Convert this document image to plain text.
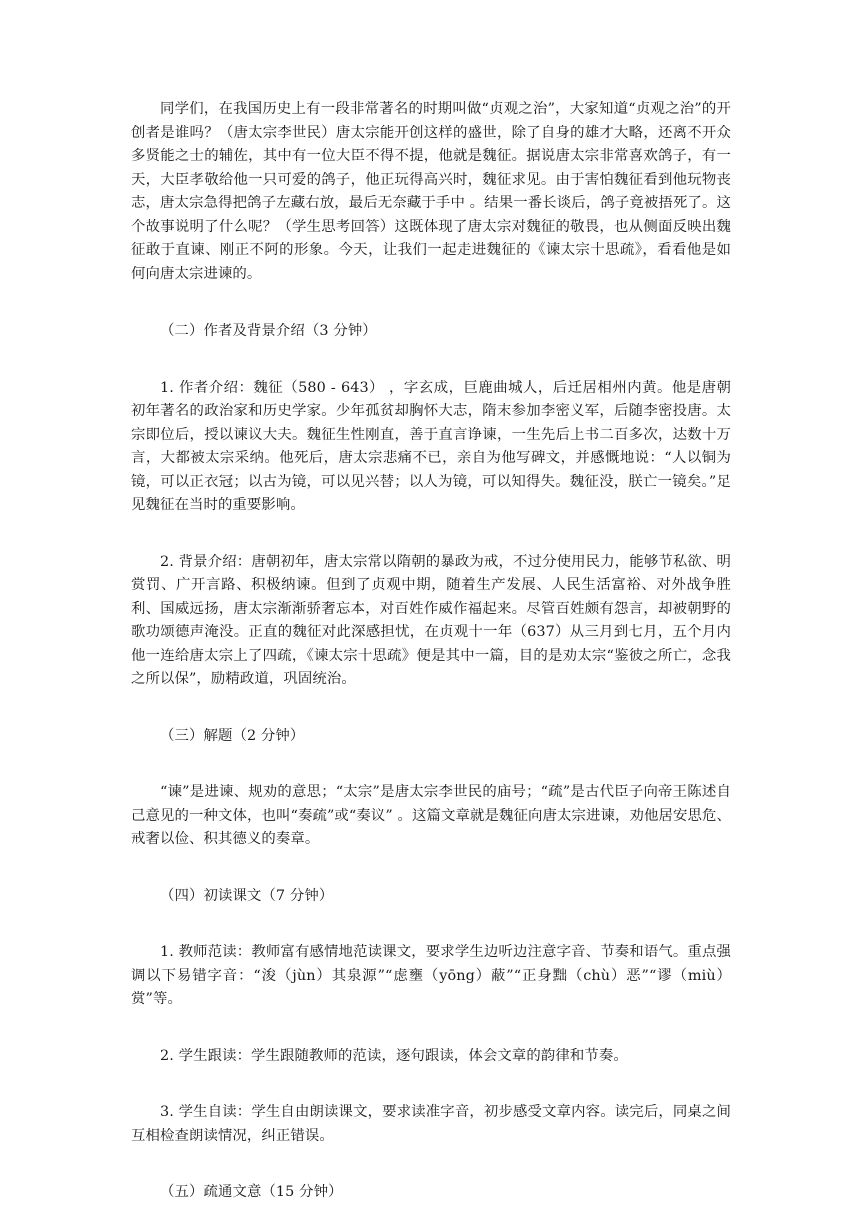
同学们，在我国历史上有一段非常著名的时期叫做“贞观之治”，大家知道“贞观之治”的开创者是谁吗？（唐太宗李世民）唐太宗能开创这样的盛世，除了自身的雄才大略，还离不开众多贤能之士的辅佐，其中有一位大臣不得不提，他就是魏征。据说唐太宗非常喜欢鸽子，有一天，大臣孝敬给他一只可爱的鸽子，他正玩得高兴时，魏征求见。由于害怕魏征看到他玩物丧志，唐太宗急得把鸽子左藏右放，最后无奈藏于手中 。结果一番长谈后，鸽子竟被捂死了。这个故事说明了什么呢？（学生思考回答）这既体现了唐太宗对魏征的敬畏，也从侧面反映出魏征敢于直谏、刚正不阿的形象。今天，让我们一起走进魏征的《谏太宗十思疏》，看看他是如何向唐太宗进谏的。

（二）作者及背景介绍（3 分钟）

1. 作者介绍：魏征（580 - 643） ，字玄成，巨鹿曲城人，后迁居相州内黄。他是唐朝初年著名的政治家和历史学家。少年孤贫却胸怀大志，隋末参加李密义军，后随李密投唐。太宗即位后，授以谏议大夫。魏征生性刚直，善于直言诤谏，一生先后上书二百多次，达数十万言，大都被太宗采纳。他死后，唐太宗悲痛不已，亲自为他写碑文，并感慨地说：“人以铜为镜，可以正衣冠；以古为镜，可以见兴替；以人为镜，可以知得失。魏征没，朕亡一镜矣。”足见魏征在当时的重要影响。

2. 背景介绍：唐朝初年，唐太宗常以隋朝的暴政为戒，不过分使用民力，能够节私欲、明赏罚、广开言路、积极纳谏。但到了贞观中期，随着生产发展、人民生活富裕、对外战争胜利、国威远扬，唐太宗渐渐骄奢忘本，对百姓作威作福起来。尽管百姓颇有怨言，却被朝野的歌功颂德声淹没。正直的魏征对此深感担忧，在贞观十一年（637）从三月到七月，五个月内他一连给唐太宗上了四疏，《谏太宗十思疏》便是其中一篇，目的是劝太宗“鉴彼之所亡，念我之所以保”，励精政道，巩固统治。

（三）解题（2 分钟）

“谏”是进谏、规劝的意思；“太宗”是唐太宗李世民的庙号；“疏”是古代臣子向帝王陈述自己意见的一种文体，也叫“奏疏”或“奏议” 。这篇文章就是魏征向唐太宗进谏，劝他居安思危、戒奢以俭、积其德义的奏章。

（四）初读课文（7 分钟）

1. 教师范读：教师富有感情地范读课文，要求学生边听边注意字音、节奏和语气。重点强调以下易错字音：“浚（jùn）其泉源”“虑壅（yōng）蔽”“正身黜（chù）恶”“谬（miù）赏”等。

2. 学生跟读：学生跟随教师的范读，逐句跟读，体会文章的韵律和节奏。

3. 学生自读：学生自由朗读课文，要求读准字音，初步感受文章内容。读完后，同桌之间互相检查朗读情况，纠正错误。

（五）疏通文意（15 分钟）
